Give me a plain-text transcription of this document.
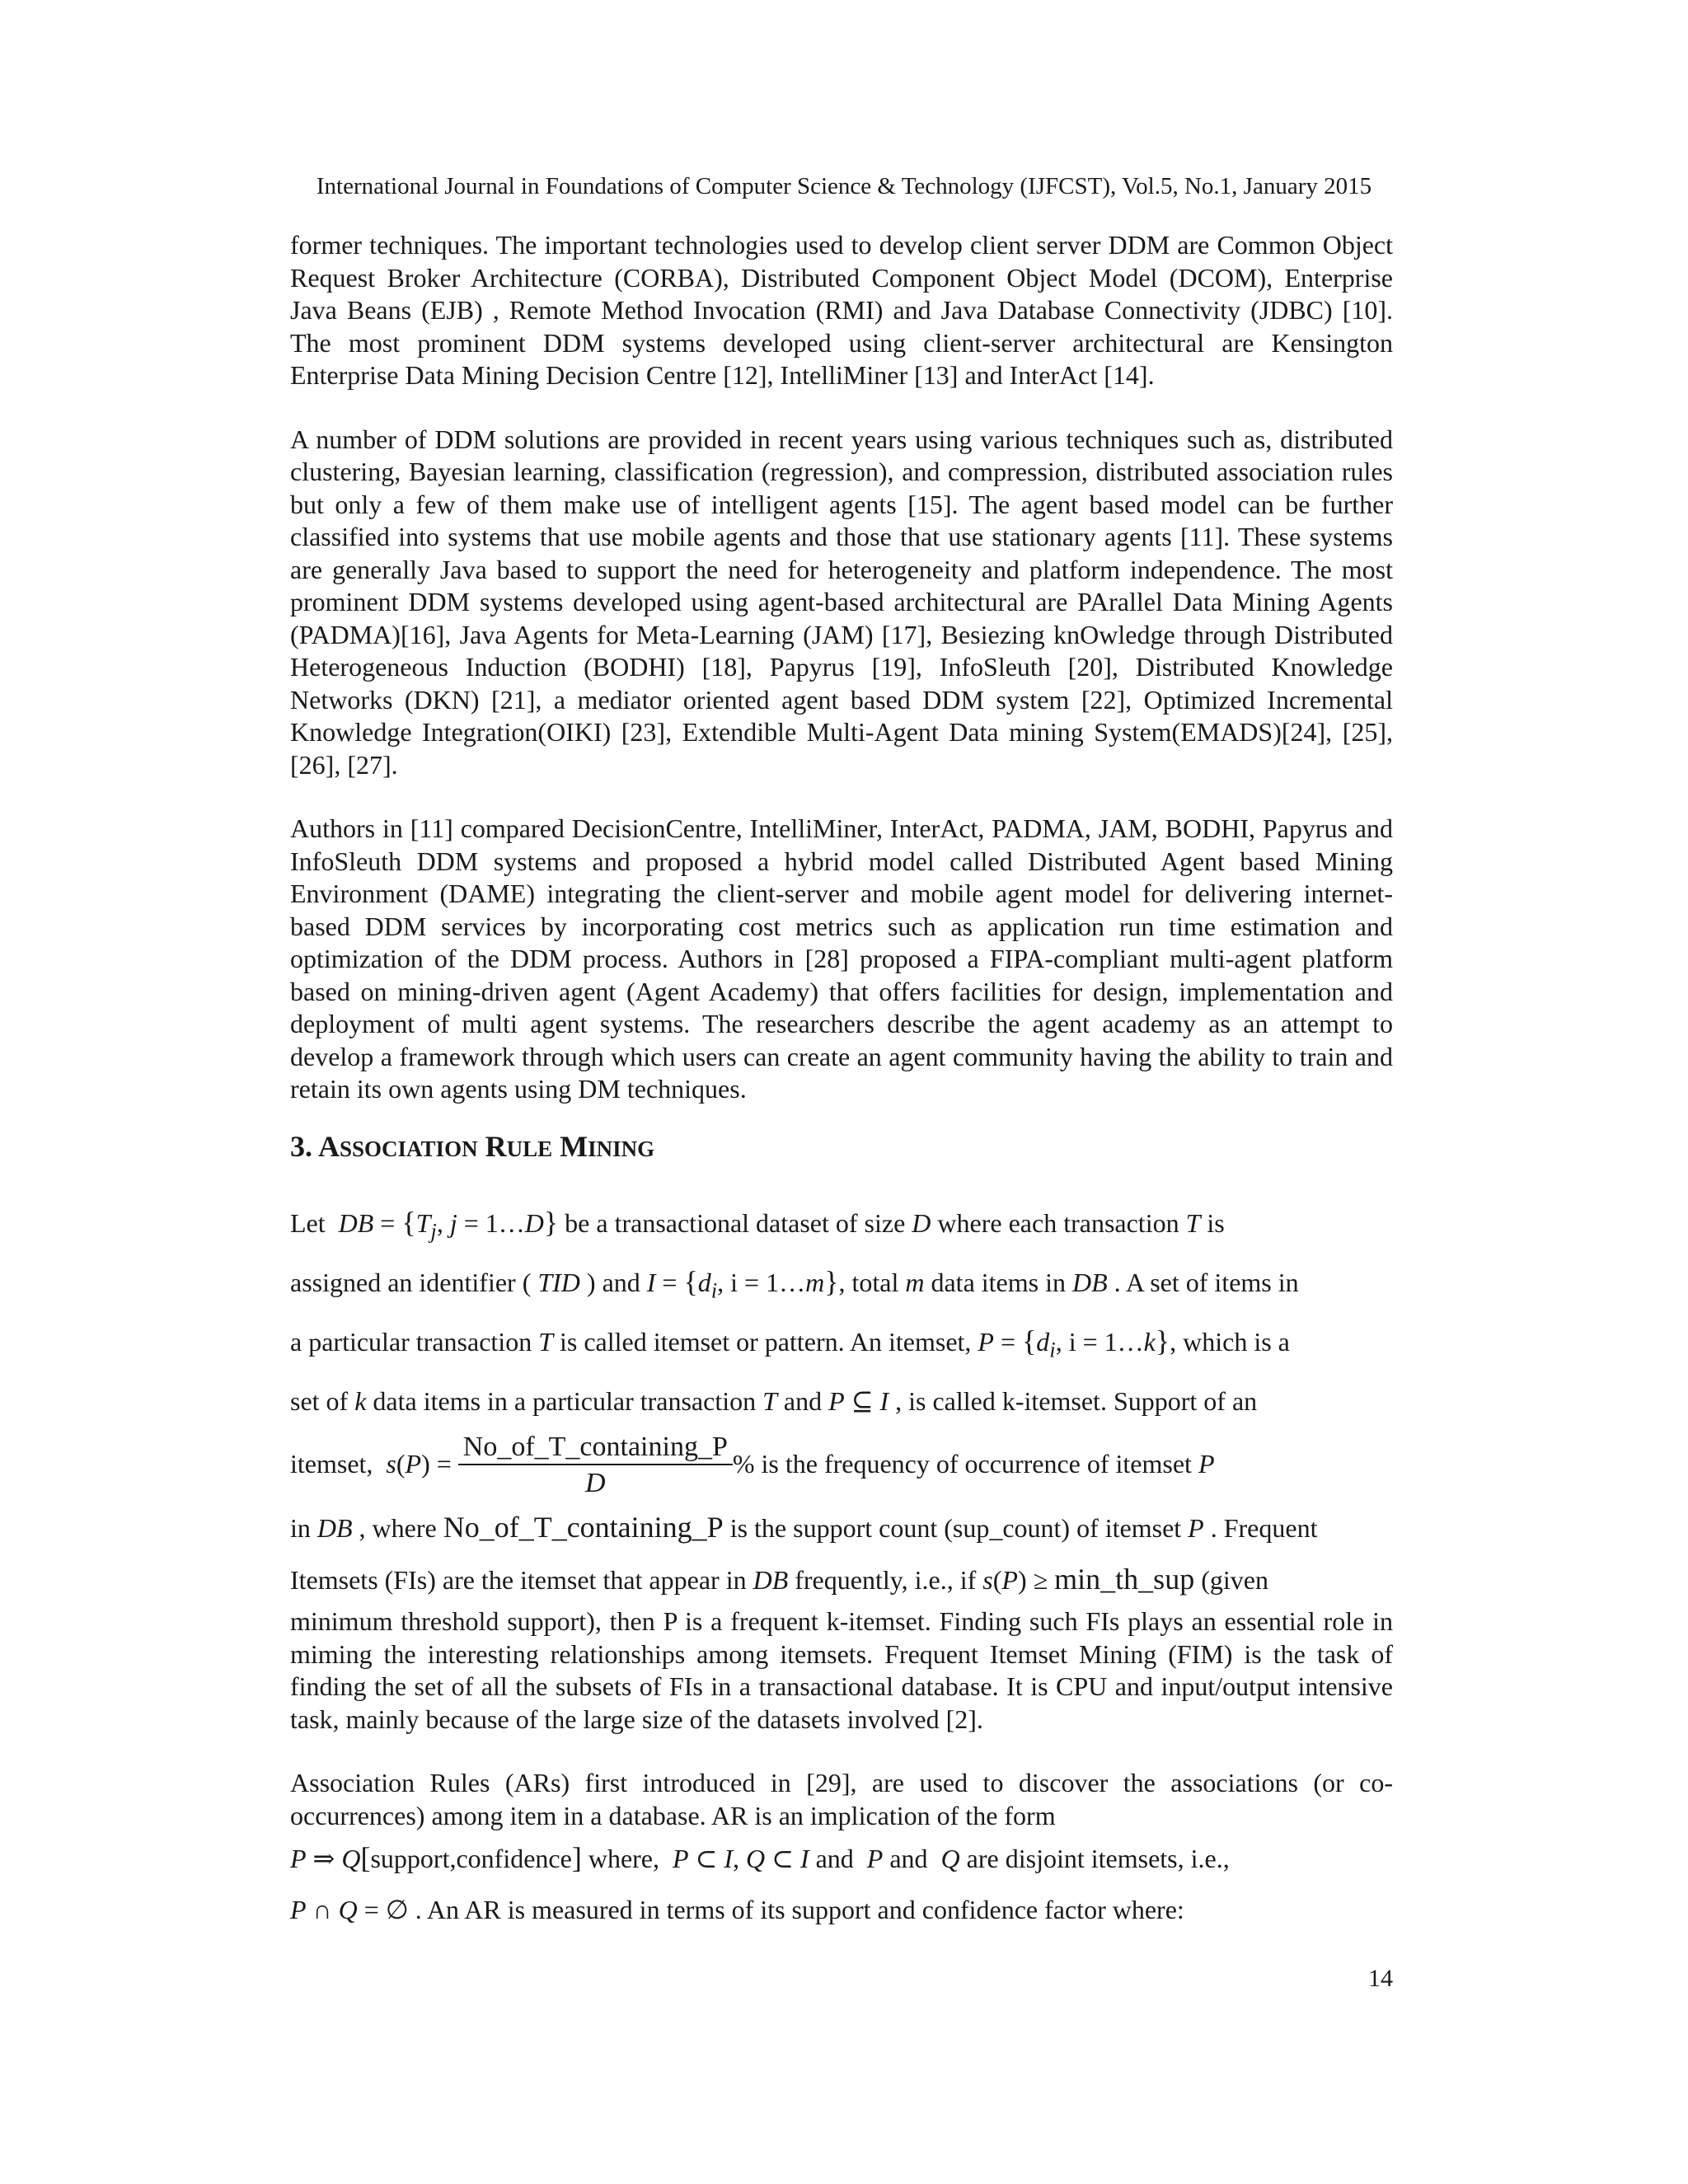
International Journal in Foundations of Computer Science & Technology (IJFCST), Vol.5, No.1, January 2015

former techniques. The important technologies used to develop client server DDM are Common Object Request Broker Architecture (CORBA), Distributed Component Object Model (DCOM), Enterprise Java Beans (EJB) , Remote Method Invocation (RMI) and Java Database Connectivity (JDBC) [10]. The most prominent DDM systems developed using client-server architectural are Kensington Enterprise Data Mining Decision Centre [12], IntelliMiner [13] and InterAct [14].

A number of DDM solutions are provided in recent years using various techniques such as, distributed clustering, Bayesian learning, classification (regression), and compression, distributed association rules but only a few of them make use of intelligent agents [15]. The agent based model can be further classified into systems that use mobile agents and those that use stationary agents [11]. These systems are generally Java based to support the need for heterogeneity and platform independence. The most prominent DDM systems developed using agent-based architectural are PArallel Data Mining Agents (PADMA)[16], Java Agents for Meta-Learning (JAM) [17], Besiezing knOwledge through Distributed Heterogeneous Induction (BODHI) [18], Papyrus [19], InfoSleuth [20], Distributed Knowledge Networks (DKN) [21], a mediator oriented agent based DDM system [22], Optimized Incremental Knowledge Integration(OIKI) [23], Extendible Multi-Agent Data mining System(EMADS)[24], [25], [26], [27].

Authors in [11] compared DecisionCentre, IntelliMiner, InterAct, PADMA, JAM, BODHI, Papyrus and InfoSleuth DDM systems and proposed a hybrid model called Distributed Agent based Mining Environment (DAME) integrating the client-server and mobile agent model for delivering internet-based DDM services by incorporating cost metrics such as application run time estimation and optimization of the DDM process. Authors in [28] proposed a FIPA-compliant multi-agent platform based on mining-driven agent (Agent Academy) that offers facilities for design, implementation and deployment of multi agent systems. The researchers describe the agent academy as an attempt to develop a framework through which users can create an agent community having the ability to train and retain its own agents using DM techniques.

3. ASSOCIATION RULE MINING

Let  DB = {$T_j$, j = 1…D} be a transactional dataset of size D where each transaction T is

assigned an identifier ( TID ) and $I = \{d_i$, i = 1…m}, total m data items in DB . A set of items in

a particular transaction T is called itemset or pattern. An itemset, $P = \{d_i$, i = 1…k}, which is a

set of k data items in a particular transaction T and P ⊆ I , is called k-itemset. Support of an

itemset,  $s(P) = \frac{\text{No\_of\_T\_containing\_P}}{D}$ % is the frequency of occurrence of itemset P

in DB , where No_of_T_containing_P is the support count (sup_count) of itemset P . Frequent

Itemsets (FIs) are the itemset that appear in DB frequently, i.e., if s(P) ≥ min_th_sup (given

minimum threshold support), then P is a frequent k-itemset. Finding such FIs plays an essential role in miming the interesting relationships among itemsets. Frequent Itemset Mining (FIM) is the task of finding the set of all the subsets of FIs in a transactional database. It is CPU and input/output intensive task, mainly because of the large size of the datasets involved [2].

Association Rules (ARs) first introduced in [29], are used to discover the associations (or co-occurrences) among item in a database. AR is an implication of the form

P ⇒ Q[support,confidence] where,  P ⊂ I, Q ⊂ I and  P and  Q are disjoint itemsets, i.e.,

P ∩ Q = ∅ . An AR is measured in terms of its support and confidence factor where:

14
